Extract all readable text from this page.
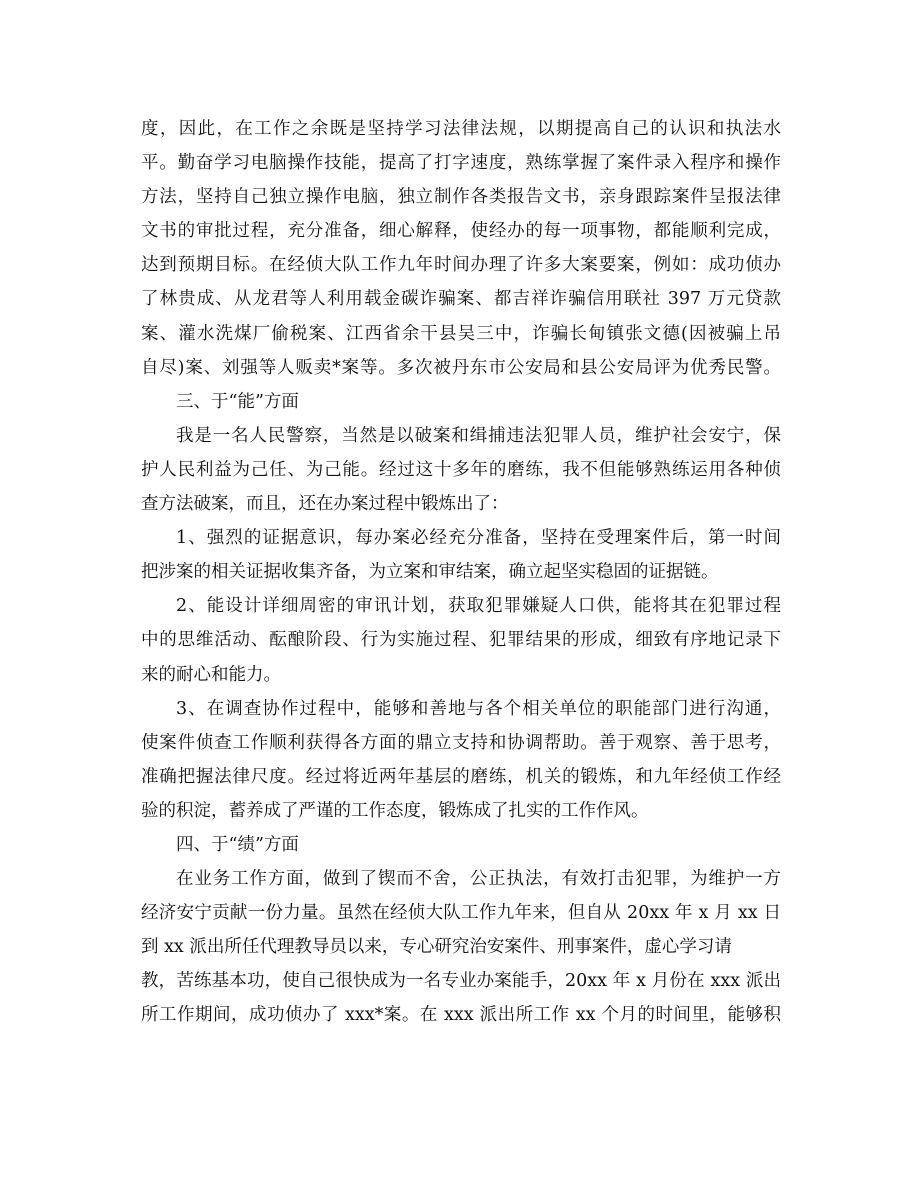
度，因此，在工作之余既是坚持学习法律法规，以期提高自己的认识和执法水
平。勤奋学习电脑操作技能，提高了打字速度，熟练掌握了案件录入程序和操作
方法，坚持自己独立操作电脑，独立制作各类报告文书，亲身跟踪案件呈报法律
文书的审批过程，充分准备，细心解释，使经办的每一项事物，都能顺利完成，
达到预期目标。在经侦大队工作九年时间办理了许多大案要案，例如：成功侦办
了林贵成、从龙君等人利用载金碳诈骗案、都吉祥诈骗信用联社 397 万元贷款
案、灌水洗煤厂偷税案、江西省余干县吴三中，诈骗长甸镇张文德(因被骗上吊
自尽)案、刘强等人贩卖*案等。多次被丹东市公安局和县公安局评为优秀民警。
三、于“能”方面
我是一名人民警察，当然是以破案和缉捕违法犯罪人员，维护社会安宁，保
护人民利益为己任、为己能。经过这十多年的磨练，我不但能够熟练运用各种侦
查方法破案，而且，还在办案过程中锻炼出了：
1、强烈的证据意识，每办案必经充分准备，坚持在受理案件后，第一时间
把涉案的相关证据收集齐备，为立案和审结案，确立起坚实稳固的证据链。
2、能设计详细周密的审讯计划，获取犯罪嫌疑人口供，能将其在犯罪过程
中的思维活动、酝酿阶段、行为实施过程、犯罪结果的形成，细致有序地记录下
来的耐心和能力。
3、在调查协作过程中，能够和善地与各个相关单位的职能部门进行沟通，
使案件侦查工作顺利获得各方面的鼎立支持和协调帮助。善于观察、善于思考，
准确把握法律尺度。经过将近两年基层的磨练，机关的锻炼，和九年经侦工作经
验的积淀，蓄养成了严谨的工作态度，锻炼成了扎实的工作作风。
四、于“绩”方面
在业务工作方面，做到了锲而不舍，公正执法，有效打击犯罪，为维护一方
经济安宁贡献一份力量。虽然在经侦大队工作九年来，但自从 20xx 年 x 月 xx 日
到 xx 派出所任代理教导员以来，专心研究治安案件、刑事案件，虚心学习请
教，苦练基本功，使自己很快成为一名专业办案能手，20xx 年 x 月份在 xxx 派出
所工作期间，成功侦办了 xxx*案。在 xxx 派出所工作 xx 个月的时间里，能够积
